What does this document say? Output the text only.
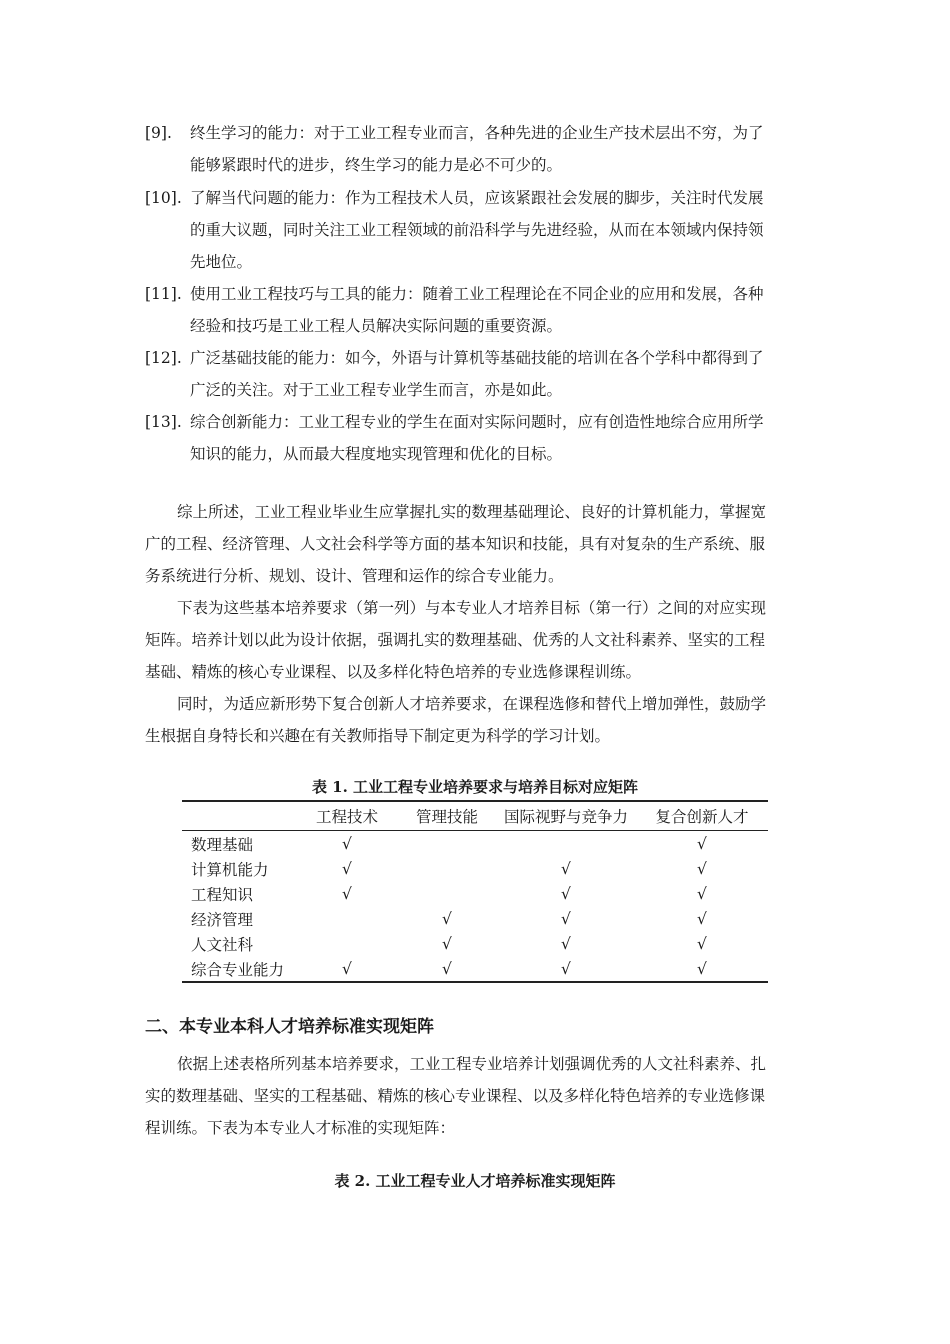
[9].	终生学习的能力：对于工业工程专业而言，各种先进的企业生产技术层出不穷，为了
能够紧跟时代的进步，终生学习的能力是必不可少的。
[10]. 了解当代问题的能力：作为工程技术人员，应该紧跟社会发展的脚步，关注时代发展
的重大议题，同时关注工业工程领域的前沿科学与先进经验，从而在本领域内保持领
先地位。
[11]. 使用工业工程技巧与工具的能力：随着工业工程理论在不同企业的应用和发展，各种
经验和技巧是工业工程人员解决实际问题的重要资源。
[12]. 广泛基础技能的能力：如今，外语与计算机等基础技能的培训在各个学科中都得到了
广泛的关注。对于工业工程专业学生而言，亦是如此。
[13]. 综合创新能力：工业工程专业的学生在面对实际问题时，应有创造性地综合应用所学
知识的能力，从而最大程度地实现管理和优化的目标。
综上所述，工业工程业毕业生应掌握扎实的数理基础理论、良好的计算机能力，掌握宽
广的工程、经济管理、人文社会科学等方面的基本知识和技能，具有对复杂的生产系统、服
务系统进行分析、规划、设计、管理和运作的综合专业能力。
下表为这些基本培养要求（第一列）与本专业人才培养目标（第一行）之间的对应实现
矩阵。培养计划以此为设计依据，强调扎实的数理基础、优秀的人文社科素养、坚实的工程
基础、精炼的核心专业课程、以及多样化特色培养的专业选修课程训练。
同时，为适应新形势下复合创新人才培养要求，在课程选修和替代上增加弹性，鼓励学
生根据自身特长和兴趣在有关教师指导下制定更为科学的学习计划。
表 1. 工业工程专业培养要求与培养目标对应矩阵
	工程技术	管理技能	国际视野与竞争力	复合创新人才
数理基础	√			√
计算机能力	√		√	√
工程知识	√		√	√
经济管理		√	√	√
人文社科		√	√	√
综合专业能力	√	√	√	√
二、本专业本科人才培养标准实现矩阵
依据上述表格所列基本培养要求，工业工程专业培养计划强调优秀的人文社科素养、扎
实的数理基础、坚实的工程基础、精炼的核心专业课程、以及多样化特色培养的专业选修课
程训练。下表为本专业人才标准的实现矩阵：
表 2. 工业工程专业人才培养标准实现矩阵
